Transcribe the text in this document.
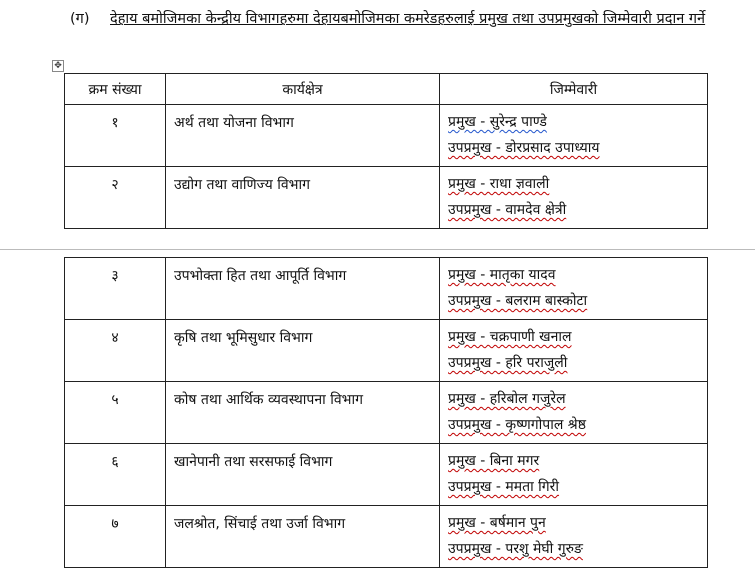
(ग) देहाय बमोजिमका केन्द्रीय विभागहरुमा देहायबमोजिमका कमरेडहरुलाई प्रमुख तथा उपप्रमुखको जिम्मेवारी प्रदान गर्ने
✥
क्रम संख्या	कार्यक्षेत्र	जिम्मेवारी
१	अर्थ तथा योजना विभाग	प्रमुख - सुरेन्द्र पाण्डे
उपप्रमुख - डोरप्रसाद उपाध्याय

२	उद्योग तथा वाणिज्य विभाग	प्रमुख - राधा ज्ञवाली
उपप्रमुख - वामदेव क्षेत्री
३	उपभोक्ता हित तथा आपूर्ति विभाग	प्रमुख - मातृका यादव
उपप्रमुख - बलराम बास्कोटा

४	कृषि तथा भूमिसुधार विभाग	प्रमुख - चक्रपाणी खनाल
उपप्रमुख - हरि पराजुली

५	कोष तथा आर्थिक व्यवस्थापना विभाग	प्रमुख - हरिबोल गजुरेल
उपप्रमुख - कृष्णगोपाल श्रेष्ठ

६	खानेपानी तथा सरसफाई विभाग	प्रमुख - बिना मगर
उपप्रमुख - ममता गिरी

७	जलश्रोत, सिंचाई तथा उर्जा विभाग	प्रमुख - बर्षमान पुन
उपप्रमुख - परशु मेघी गुरुङ
